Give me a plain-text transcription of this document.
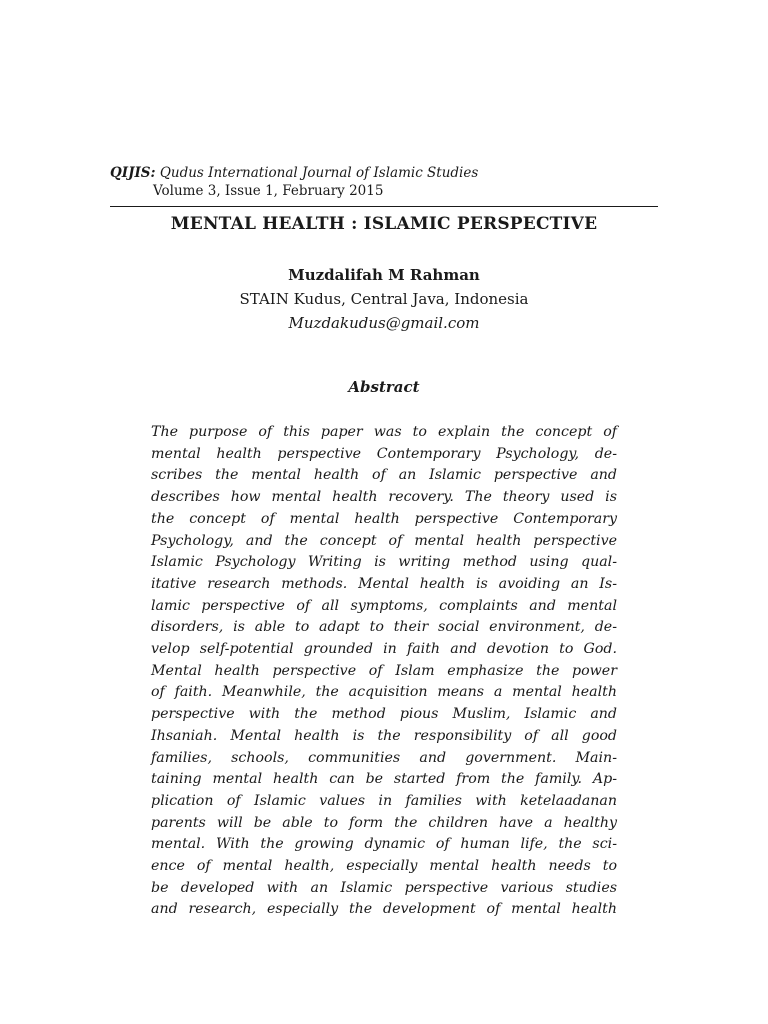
QIJIS: Qudus International Journal of Islamic Studies
Volume 3, Issue 1, February 2015
MENTAL HEALTH : ISLAMIC PERSPECTIVE
Muzdalifah M Rahman
STAIN Kudus, Central Java, Indonesia
Muzdakudus@gmail.com
Abstract
The purpose of this paper was to explain the concept of
mental health perspective Contemporary Psychology, de-
scribes the mental health of an Islamic perspective and
describes how mental health recovery. The theory used is
the concept of mental health perspective Contemporary
Psychology, and the concept of mental health perspective
Islamic Psychology Writing is writing method using qual-
itative research methods. Mental health is avoiding an Is-
lamic perspective of all symptoms, complaints and mental
disorders, is able to adapt to their social environment, de-
velop self-potential grounded in faith and devotion to God.
Mental health perspective of Islam emphasize the power
of faith. Meanwhile, the acquisition means a mental health
perspective with the method pious Muslim, Islamic and
Ihsaniah. Mental health is the responsibility of all good
families, schools, communities and government. Main-
taining mental health can be started from the family. Ap-
plication of Islamic values in families with ketelaadanan
parents will be able to form the children have a healthy
mental. With the growing dynamic of human life, the sci-
ence of mental health, especially mental health needs to
be developed with an Islamic perspective various studies
and research, especially the development of mental health
